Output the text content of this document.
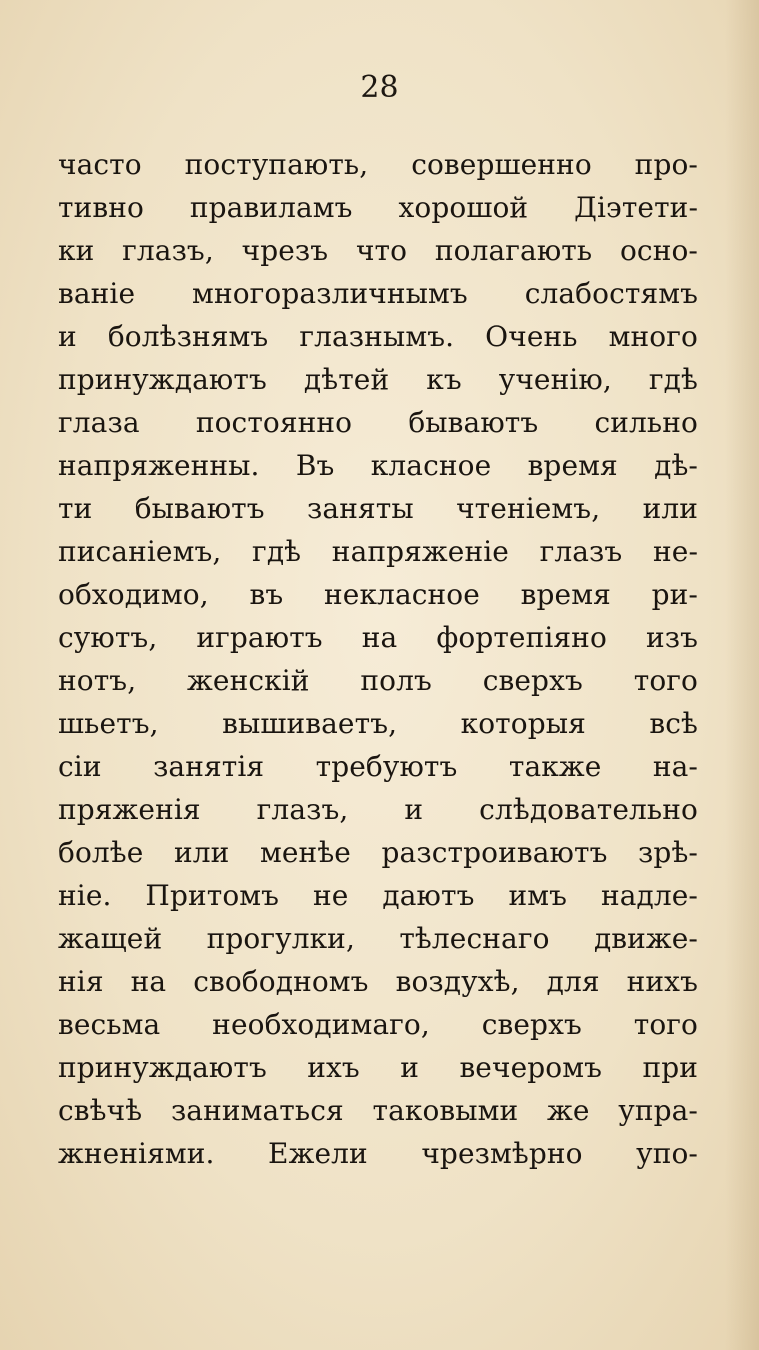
28
часто поступають, совершенно про-
тивно правиламъ хорошой Діэтети-
ки глазъ, чрезъ что полагають осно-
ваніе многоразличнымъ слабостямъ
и болѣзнямъ глазнымъ. Очень много
принуждаютъ дѣтей къ ученію, гдѣ
глаза постоянно бываютъ сильно
напряженны. Въ класное время дѣ-
ти бываютъ заняты чтеніемъ, или
писаніемъ, гдѣ напряженіе глазъ не-
обходимо, въ некласное время ри-
суютъ, играютъ на фортепіяно изъ
нотъ, женскій полъ сверхъ того
шьетъ, вышиваетъ, которыя всѣ
сіи занятія требуютъ также на-
пряженія глазъ, и слѣдовательно
болѣе или менѣе разстроиваютъ зрѣ-
ніе. Притомъ не даютъ имъ надле-
жащей прогулки, тѣлеснаго движе-
нія на свободномъ воздухѣ, для нихъ
весьма необходимаго, сверхъ того
принуждаютъ ихъ и вечеромъ при
свѣчѣ заниматься таковыми же упра-
жненіями. Ежели чрезмѣрно упо-
